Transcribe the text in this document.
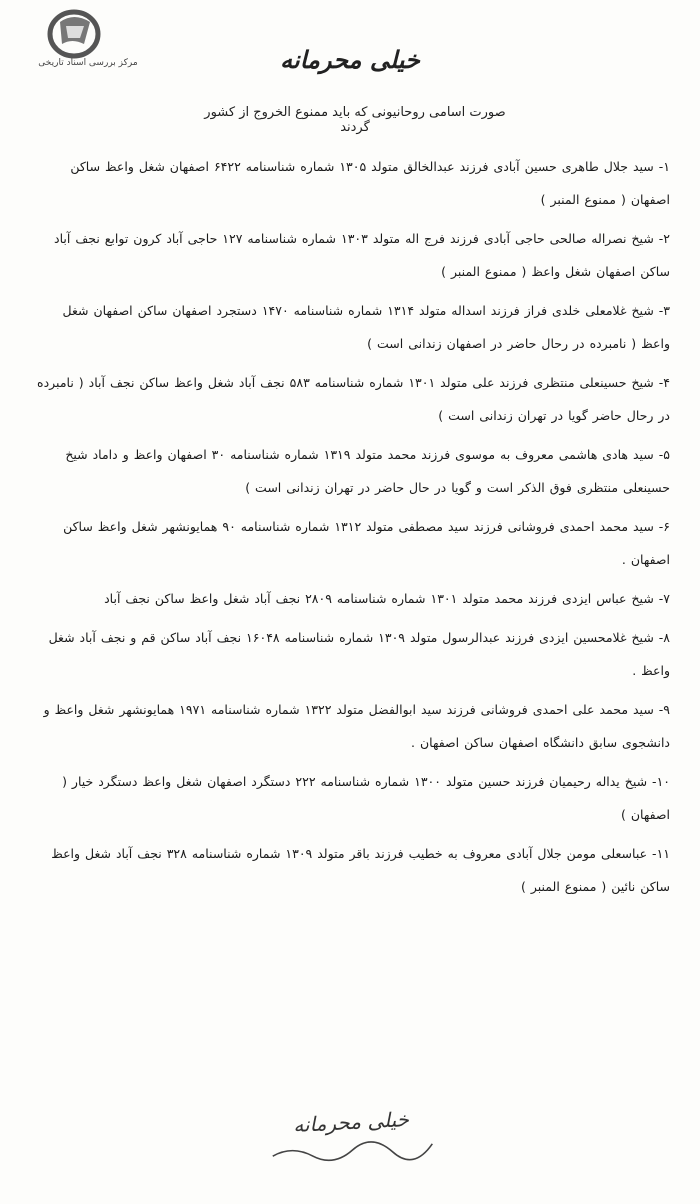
مرکز بررسی اسناد تاریخی	خیلی محرمانه
صورت اسامی روحانیونی که باید ممنوع الخروج از کشور گردند

۱- سید جلال طاهری حسین آبادی فرزند عبدالخالق متولد ۱۳۰۵ شماره شناسنامه ۶۴۲۲ اصفهان شغل واعظ ساکن اصفهان ( ممنوع المنبر )

۲- شیخ نصراله صالحی حاجی آبادی فرزند فرج اله متولد ۱۳۰۳ شماره شناسنامه ۱۲۷ حاجی آباد کرون توابع نجف آباد ساکن اصفهان شغل واعظ ( ممنوع المنبر )

۳- شیخ غلامعلی خلدی فراز فرزند اسداله متولد ۱۳۱۴ شماره شناسنامه ۱۴۷۰ دستجرد اصفهان ساکن اصفهان شغل واعظ ( نامبرده در رحال حاضر در اصفهان زندانی است )

۴- شیخ حسینعلی منتظری فرزند علی متولد ۱۳۰۱ شماره شناسنامه ۵۸۳ نجف آباد شغل واعظ ساکن نجف آباد ( نامبرده در رحال حاضر گویا در تهران زندانی است )

۵- سید هادی هاشمی معروف به موسوی فرزند محمد متولد ۱۳۱۹ شماره شناسنامه ۳۰ اصفهان واعظ و داماد شیخ حسینعلی منتظری فوق الذکر است و گویا در حال حاضر در تهران زندانی است )

۶- سید محمد احمدی فروشانی فرزند سید مصطفی متولد ۱۳۱۲ شماره شناسنامه ۹۰ همایونشهر شغل واعظ ساکن اصفهان .

۷- شیخ عباس ایزدی فرزند محمد متولد ۱۳۰۱ شماره شناسنامه ۲۸۰۹ نجف آباد شغل واعظ ساکن نجف آباد

۸- شیخ غلامحسین ایزدی فرزند عبدالرسول متولد ۱۳۰۹ شماره شناسنامه ۱۶۰۴۸ نجف آباد ساکن قم و نجف آباد شغل واعظ .

۹- سید محمد علی احمدی فروشانی فرزند سید ابوالفضل متولد ۱۳۲۲ شماره شناسنامه ۱۹۷۱ همایونشهر شغل واعظ و دانشجوی سابق دانشگاه اصفهان ساکن اصفهان .

۱۰- شیخ یداله رحیمیان فرزند حسین متولد ۱۳۰۰ شماره شناسنامه ۲۲۲ دستگرد اصفهان شغل واعظ دستگرد خیار ( اصفهان )

۱۱- عباسعلی مومن جلال آبادی معروف به خطیب فرزند باقر متولد ۱۳۰۹ شماره شناسنامه ۳۲۸ نجف آباد شغل واعظ ساکن نائین ( ممنوع المنبر )

خیلی محرمانه
